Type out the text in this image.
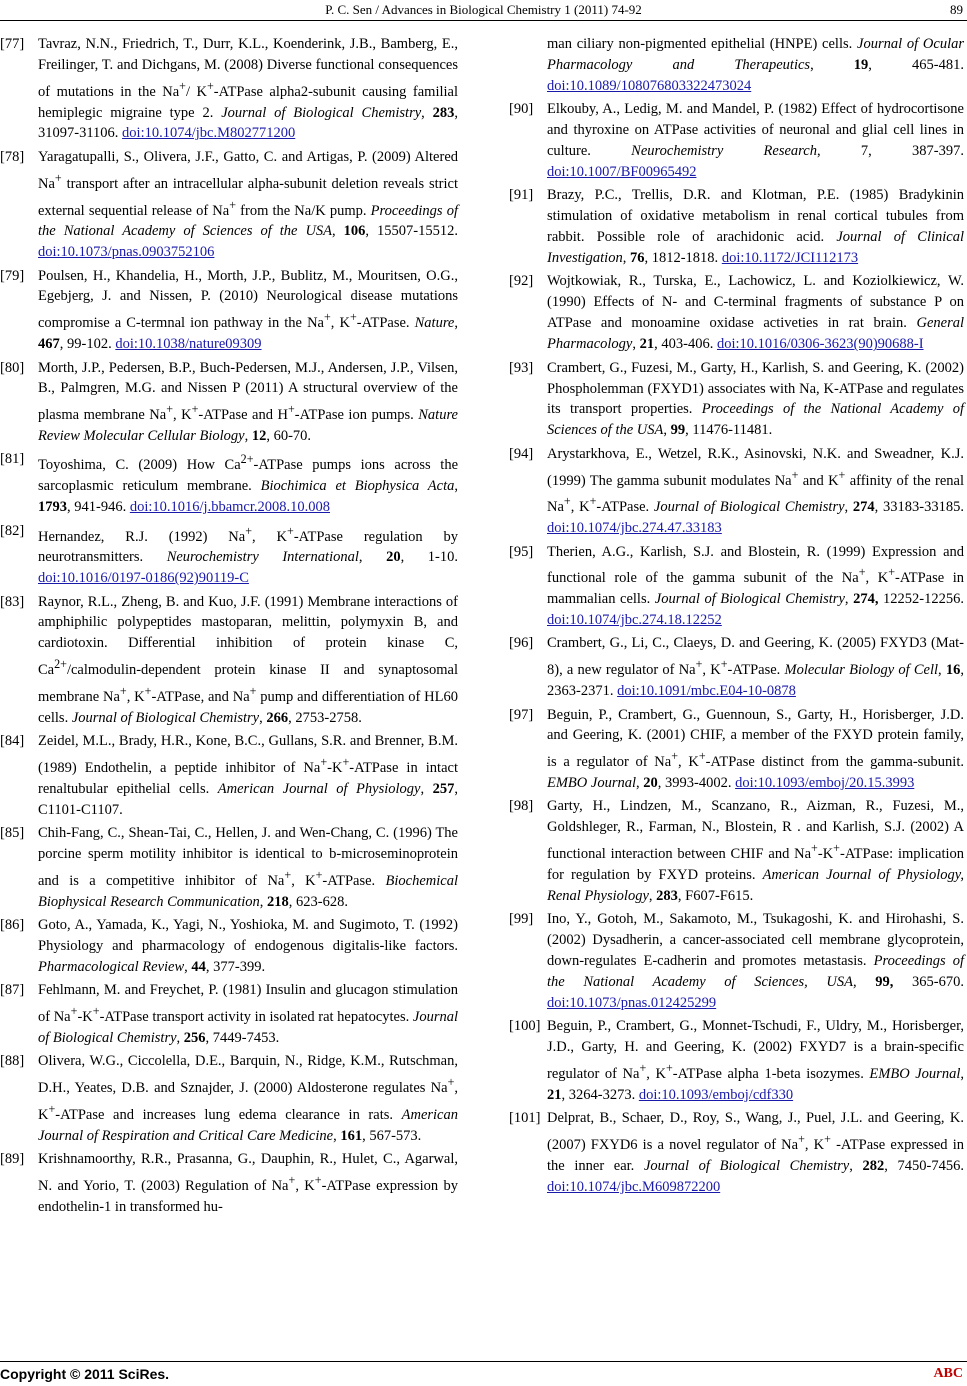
P. C. Sen / Advances in Biological Chemistry 1 (2011) 74-92	89
[77] Tavraz, N.N., Friedrich, T., Durr, K.L., Koenderink, J.B., Bamberg, E., Freilinger, T. and Dichgans, M. (2008) Diverse functional consequences of mutations in the Na+/ K+-ATPase alpha2-subunit causing familial hemiplegic migraine type 2. Journal of Biological Chemistry, 283, 31097-31106. doi:10.1074/jbc.M802771200
[78] Yaragatupalli, S., Olivera, J.F., Gatto, C. and Artigas, P. (2009) Altered Na+ transport after an intracellular alpha-subunit deletion reveals strict external sequential release of Na+ from the Na/K pump. Proceedings of the National Academy of Sciences of the USA, 106, 15507-15512. doi:10.1073/pnas.0903752106
[79] Poulsen, H., Khandelia, H., Morth, J.P., Bublitz, M., Mouritsen, O.G., Egebjerg, J. and Nissen, P. (2010) Neurological disease mutations compromise a C-termnal ion pathway in the Na+, K+-ATPase. Nature, 467, 99-102. doi:10.1038/nature09309
[80] Morth, J.P., Pedersen, B.P., Buch-Pedersen, M.J., Andersen, J.P., Vilsen, B., Palmgren, M.G. and Nissen P (2011) A structural overview of the plasma membrane Na+, K+-ATPase and H+-ATPase ion pumps. Nature Review Molecular Cellular Biology, 12, 60-70.
[81] Toyoshima, C. (2009) How $Ca^{2+}$-ATPase pumps ions across the sarcoplasmic reticulum membrane. Biochimica et Biophysica Acta, 1793, 941-946. doi:10.1016/j.bbamcr.2008.10.008
[82] Hernandez, R.J. (1992) Na+, K+-ATPase regulation by neurotransmitters. Neurochemistry International, 20, 1-10. doi:10.1016/0197-0186(92)90119-C
[83] Raynor, R.L., Zheng, B. and Kuo, J.F. (1991) Membrane interactions of amphiphilic polypeptides mastoparan, melittin, polymyxin B, and cardiotoxin. Differential inhibition of protein kinase C, $Ca^{2+}/calmodulin$-dependent protein kinase II and synaptosomal membrane Na+, K+-ATPase, and Na+ pump and differentiation of HL60 cells. Journal of Biological Chemistry, 266, 2753-2758.
[84] Zeidel, M.L., Brady, H.R., Kone, B.C., Gullans, S.R. and Brenner, B.M. (1989) Endothelin, a peptide inhibitor of Na+-K+-ATPase in intact renaltubular epithelial cells. American Journal of Physiology, 257, C1101-C1107.
[85] Chih-Fang, C., Shean-Tai, C., Hellen, J. and Wen-Chang, C. (1996) The porcine sperm motility inhibitor is identical to b-microseminoprotein and is a competitive inhibitor of Na+, K+-ATPase. Biochemical Biophysical Research Communication, 218, 623-628.
[86] Goto, A., Yamada, K., Yagi, N., Yoshioka, M. and Sugimoto, T. (1992) Physiology and pharmacology of endogenous digitalis-like factors. Pharmacological Review, 44, 377-399.
[87] Fehlmann, M. and Freychet, P. (1981) Insulin and glucagon stimulation of Na+-K+-ATPase transport activity in isolated rat hepatocytes. Journal of Biological Chemistry, 256, 7449-7453.
[88] Olivera, W.G., Ciccolella, D.E., Barquin, N., Ridge, K.M., Rutschman, D.H., Yeates, D.B. and Sznajder, J. (2000) Aldosterone regulates Na+, K+-ATPase and increases lung edema clearance in rats. American Journal of Respiration and Critical Care Medicine, 161, 567-573.
[89] Krishnamoorthy, R.R., Prasanna, G., Dauphin, R., Hulet, C., Agarwal, N. and Yorio, T. (2003) Regulation of Na+, K+-ATPase expression by endothelin-1 in transformed hu-
man ciliary non-pigmented epithelial (HNPE) cells. Journal of Ocular Pharmacology and Therapeutics, 19, 465-481. doi:10.1089/108076803322473024
[90] Elkouby, A., Ledig, M. and Mandel, P. (1982) Effect of hydrocortisone and thyroxine on ATPase activities of neuronal and glial cell lines in culture. Neurochemistry Research, 7, 387-397. doi:10.1007/BF00965492
[91] Brazy, P.C., Trellis, D.R. and Klotman, P.E. (1985) Bradykinin stimulation of oxidative metabolism in renal cortical tubules from rabbit. Possible role of arachidonic acid. Journal of Clinical Investigation, 76, 1812-1818. doi:10.1172/JCI112173
[92] Wojtkowiak, R., Turska, E., Lachowicz, L. and Koziolkiewicz, W. (1990) Effects of N- and C-terminal fragments of substance P on ATPase and monoamine oxidase activeties in rat brain. General Pharmacology, 21, 403-406. doi:10.1016/0306-3623(90)90688-I
[93] Crambert, G., Fuzesi, M., Garty, H., Karlish, S. and Geering, K. (2002) Phospholemman (FXYD1) associates with Na, K-ATPase and regulates its transport properties. Proceedings of the National Academy of Sciences of the USA, 99, 11476-11481.
[94] Arystarkhova, E., Wetzel, R.K., Asinovski, N.K. and Sweadner, K.J. (1999) The gamma subunit modulates Na+ and K+ affinity of the renal Na+, K+-ATPase. Journal of Biological Chemistry, 274, 33183-33185. doi:10.1074/jbc.274.47.33183
[95] Therien, A.G., Karlish, S.J. and Blostein, R. (1999) Expression and functional role of the gamma subunit of the Na+, K+-ATPase in mammalian cells. Journal of Biological Chemistry, 274, 12252-12256. doi:10.1074/jbc.274.18.12252
[96] Crambert, G., Li, C., Claeys, D. and Geering, K. (2005) FXYD3 (Mat-8), a new regulator of Na+, K+-ATPase. Molecular Biology of Cell, 16, 2363-2371. doi:10.1091/mbc.E04-10-0878
[97] Beguin, P., Crambert, G., Guennoun, S., Garty, H., Horisberger, J.D. and Geering, K. (2001) CHIF, a member of the FXYD protein family, is a regulator of Na+, K+-ATPase distinct from the gamma-subunit. EMBO Journal, 20, 3993-4002. doi:10.1093/emboj/20.15.3993
[98] Garty, H., Lindzen, M., Scanzano, R., Aizman, R., Fuzesi, M., Goldshleger, R., Farman, N., Blostein, R . and Karlish, S.J. (2002) A functional interaction between CHIF and Na+-K+-ATPase: implication for regulation by FXYD proteins. American Journal of Physiology, Renal Physiology, 283, F607-F615.
[99] Ino, Y., Gotoh, M., Sakamoto, M., Tsukagoshi, K. and Hirohashi, S. (2002) Dysadherin, a cancer-associated cell membrane glycoprotein, down-regulates E-cadherin and promotes metastasis. Proceedings of the National Academy of Sciences, USA, 99, 365-670. doi:10.1073/pnas.012425299
[100] Beguin, P., Crambert, G., Monnet-Tschudi, F., Uldry, M., Horisberger, J.D., Garty, H. and Geering, K. (2002) FXYD7 is a brain-specific regulator of Na+, K+-ATPase alpha 1-beta isozymes. EMBO Journal, 21, 3264-3273. doi:10.1093/emboj/cdf330
[101] Delprat, B., Schaer, D., Roy, S., Wang, J., Puel, J.L. and Geering, K. (2007) FXYD6 is a novel regulator of Na+, K+ -ATPase expressed in the inner ear. Journal of Biological Chemistry, 282, 7450-7456. doi:10.1074/jbc.M609872200
Copyright © 2011 SciRes.	ABC
